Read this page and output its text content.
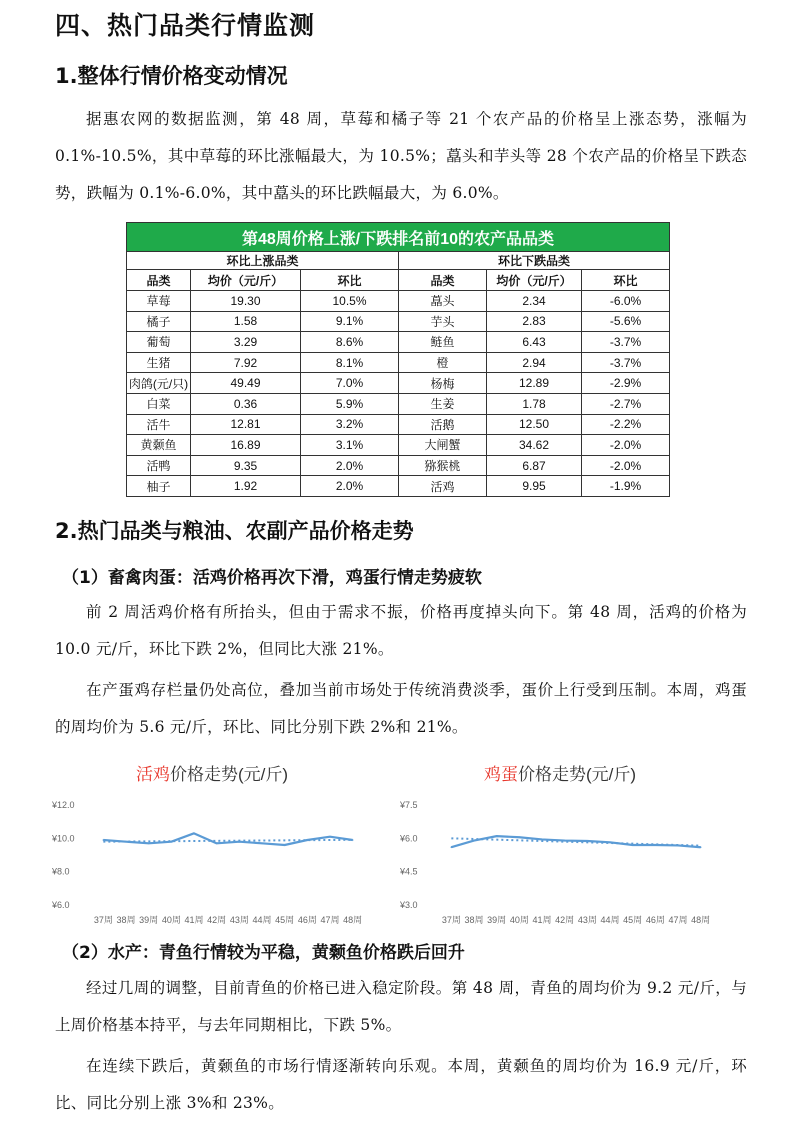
四、热门品类行情监测
1.整体行情价格变动情况

据惠农网的数据监测，第 48 周，草莓和橘子等 21 个农产品的价格呈上涨态势，涨幅为 0.1%-10.5%，其中草莓的环比涨幅最大，为 10.5%；藠头和芋头等 28 个农产品的价格呈下跌态势，跌幅为 0.1%-6.0%，其中藠头的环比跌幅最大，为 6.0%。

第48周价格上涨/下跌排名前10的农产品品类					
环比上涨品类			环比下跌品类		
品类	均价（元/斤）	环比	品类	均价（元/斤）	环比
草莓	19.30	10.5%	藠头	2.34	-6.0%
橘子	1.58	9.1%	芋头	2.83	-5.6%
葡萄	3.29	8.6%	鲢鱼	6.43	-3.7%
生猪	7.92	8.1%	橙	2.94	-3.7%
肉鸽(元/只)	49.49	7.0%	杨梅	12.89	-2.9%
白菜	0.36	5.9%	生姜	1.78	-2.7%
活牛	12.81	3.2%	活鹅	12.50	-2.2%
黄颡鱼	16.89	3.1%	大闸蟹	34.62	-2.0%
活鸭	9.35	2.0%	猕猴桃	6.87	-2.0%
柚子	1.92	2.0%	活鸡	9.95	-1.9%
2.热门品类与粮油、农副产品价格走势
（1）畜禽肉蛋：活鸡价格再次下滑，鸡蛋行情走势疲软

前 2 周活鸡价格有所抬头，但由于需求不振，价格再度掉头向下。第 48 周，活鸡的价格为 10.0 元/斤，环比下跌 2%，但同比大涨 21%。

在产蛋鸡存栏量仍处高位，叠加当前市场处于传统消费淡季，蛋价上行受到压制。本周，鸡蛋的周均价为 5.6 元/斤，环比、同比分别下跌 2%和 21%。

活鸡价格走势(元/斤)
¥12.0
¥10.0
¥8.0
¥6.0
37周 38周 39周 40周 41周 42周 43周 44周 45周 46周 47周 48周
鸡蛋价格走势(元/斤)
¥7.5
¥6.0
¥4.5
¥3.0
37周 38周 39周 40周 41周 42周 43周 44周 45周 46周 47周 48周
（2）水产：青鱼行情较为平稳，黄颡鱼价格跌后回升

经过几周的调整，目前青鱼的价格已进入稳定阶段。第 48 周，青鱼的周均价为 9.2 元/斤，与上周价格基本持平，与去年同期相比，下跌 5%。

在连续下跌后，黄颡鱼的市场行情逐渐转向乐观。本周，黄颡鱼的周均价为 16.9 元/斤，环比、同比分别上涨 3%和 23%。
